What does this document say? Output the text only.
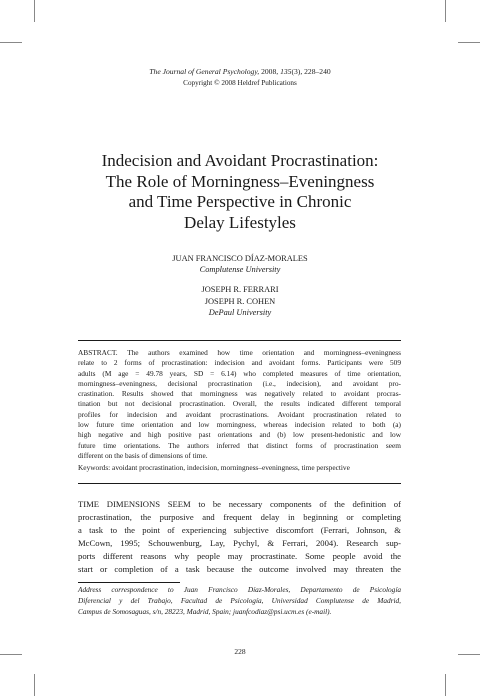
The Journal of General Psychology, 2008, 135(3), 228–240
Copyright © 2008 Heldref Publications
Indecision and Avoidant Procrastination:
The Role of Morningness–Eveningness
and Time Perspective in Chronic
Delay Lifestyles
JUAN FRANCISCO DÍAZ-MORALES
Complutense University
JOSEPH R. FERRARI
JOSEPH R. COHEN
DePaul University
ABSTRACT. The authors examined how time orientation and morningness–eveningness
relate to 2 forms of procrastination: indecision and avoidant forms. Participants were 509
adults (M age = 49.78 years, SD = 6.14) who completed measures of time orientation,
morningness–eveningness, decisional procrastination (i.e., indecision), and avoidant pro-
crastination. Results showed that morningness was negatively related to avoidant procras-
tination but not decisional procrastination. Overall, the results indicated different temporal
profiles for indecision and avoidant procrastinations. Avoidant procrastination related to
low future time orientation and low morningness, whereas indecision related to both (a)
high negative and high positive past orientations and (b) low present-hedonistic and low
future time orientations. The authors inferred that distinct forms of procrastination seem
different on the basis of dimensions of time.
Keywords: avoidant procrastination, indecision, morningness–eveningness, time perspective
TIME DIMENSIONS SEEM to be necessary components of the definition of
procrastination, the purposive and frequent delay in beginning or completing
a task to the point of experiencing subjective discomfort (Ferrari, Johnson, &
McCown, 1995; Schouwenburg, Lay, Pychyl, & Ferrari, 2004). Research sup-
ports different reasons why people may procrastinate. Some people avoid the
start or completion of a task because the outcome involved may threaten the
Address correspondence to Juan Francisco Díaz-Morales, Departamento de Psicología
Diferencial y del Trabajo, Facultad de Psicología, Universidad Complutense de Madrid,
Campus de Somosaguas, s/n, 28223, Madrid, Spain; juanfcodiaz@psi.ucm.es (e-mail).
228
